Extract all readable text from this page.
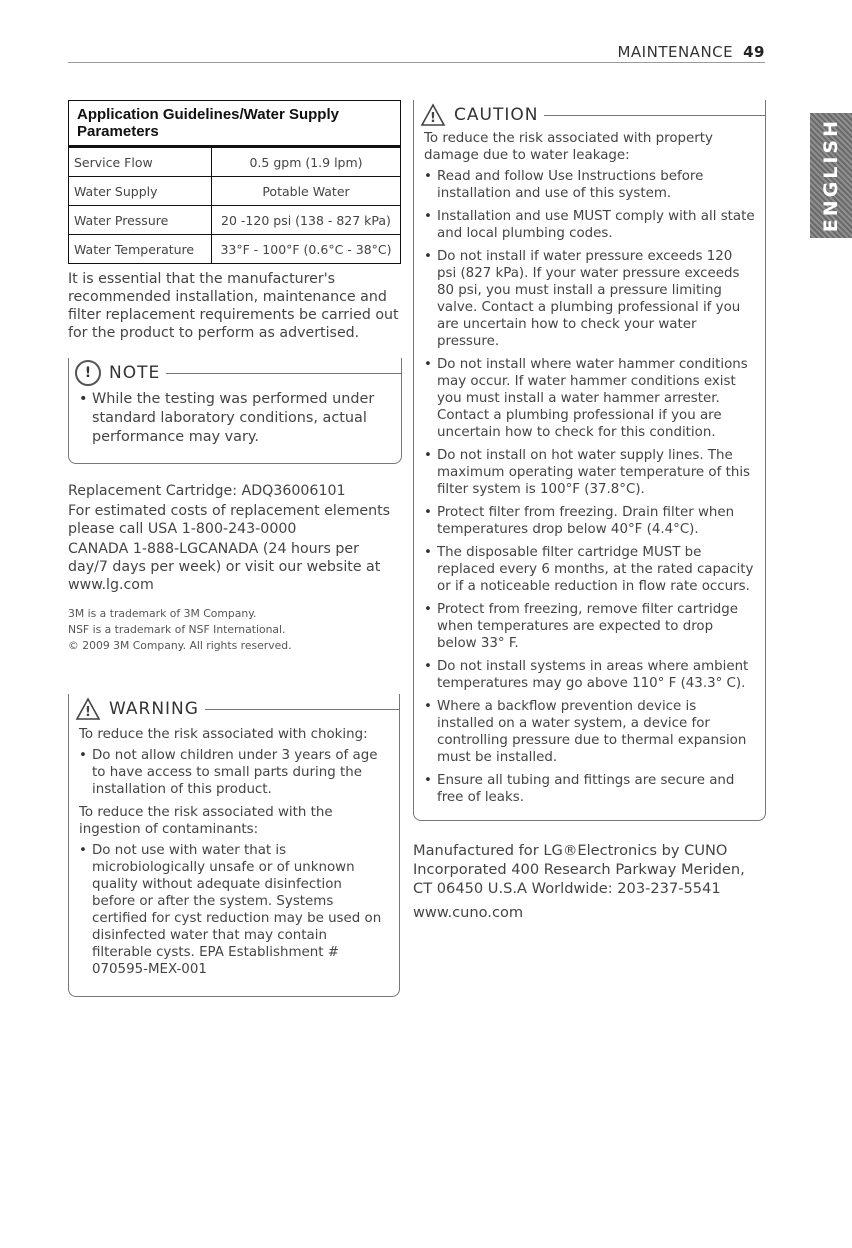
MAINTENANCE 49
ENGLISH
Application Guidelines/Water Supply Parameters	
Service Flow	0.5 gpm (1.9 lpm)
Water Supply	Potable Water
Water Pressure	20 -120 psi (138 - 827 kPa)
Water Temperature	33°F - 100°F (0.6°C - 38°C)

It is essential that the manufacturer's recommended installation, maintenance and filter replacement requirements be carried out for the product to perform as advertised.

!	NOTE
• While the testing was performed under standard laboratory conditions, actual performance may vary.

Replacement Cartridge: ADQ36006101

For estimated costs of replacement elements please call USA 1-800-243-0000

CANADA 1-888-LGCANADA (24 hours per day/7 days per week) or visit our website at www.lg.com

3M is a trademark of 3M Company.

NSF is a trademark of NSF International.

© 2009 3M Company. All rights reserved.

! WARNING

To reduce the risk associated with choking:

• Do not allow children under 3 years of age to have access to small parts during the installation of this product.

To reduce the risk associated with the ingestion of contaminants:

• Do not use with water that is microbiologically unsafe or of unknown quality without adequate disinfection before or after the system. Systems certified for cyst reduction may be used on disinfected water that may contain filterable cysts. EPA Establishment # 070595-MEX-001
! CAUTION

To reduce the risk associated with property damage due to water leakage:

• Read and follow Use Instructions before installation and use of this system.
• Installation and use MUST comply with all state and local plumbing codes.
• Do not install if water pressure exceeds 120 psi (827 kPa). If your water pressure exceeds 80 psi, you must install a pressure limiting valve. Contact a plumbing professional if you are uncertain how to check your water pressure.
• Do not install where water hammer conditions may occur. If water hammer conditions exist you must install a water hammer arrester. Contact a plumbing professional if you are uncertain how to check for this condition.
• Do not install on hot water supply lines. The maximum operating water temperature of this filter system is 100°F (37.8°C).
• Protect filter from freezing. Drain filter when temperatures drop below 40°F (4.4°C).
• The disposable filter cartridge MUST be replaced every 6 months, at the rated capacity or if a noticeable reduction in flow rate occurs.
• Protect from freezing, remove filter cartridge when temperatures are expected to drop below 33° F.
• Do not install systems in areas where ambient temperatures may go above 110° F (43.3° C).
• Where a backflow prevention device is installed on a water system, a device for controlling pressure due to thermal expansion must be installed.
• Ensure all tubing and fittings are secure and free of leaks.

Manufactured for LG®Electronics by CUNO Incorporated 400 Research Parkway Meriden, CT 06450 U.S.A Worldwide: 203-237-5541

www.cuno.com
